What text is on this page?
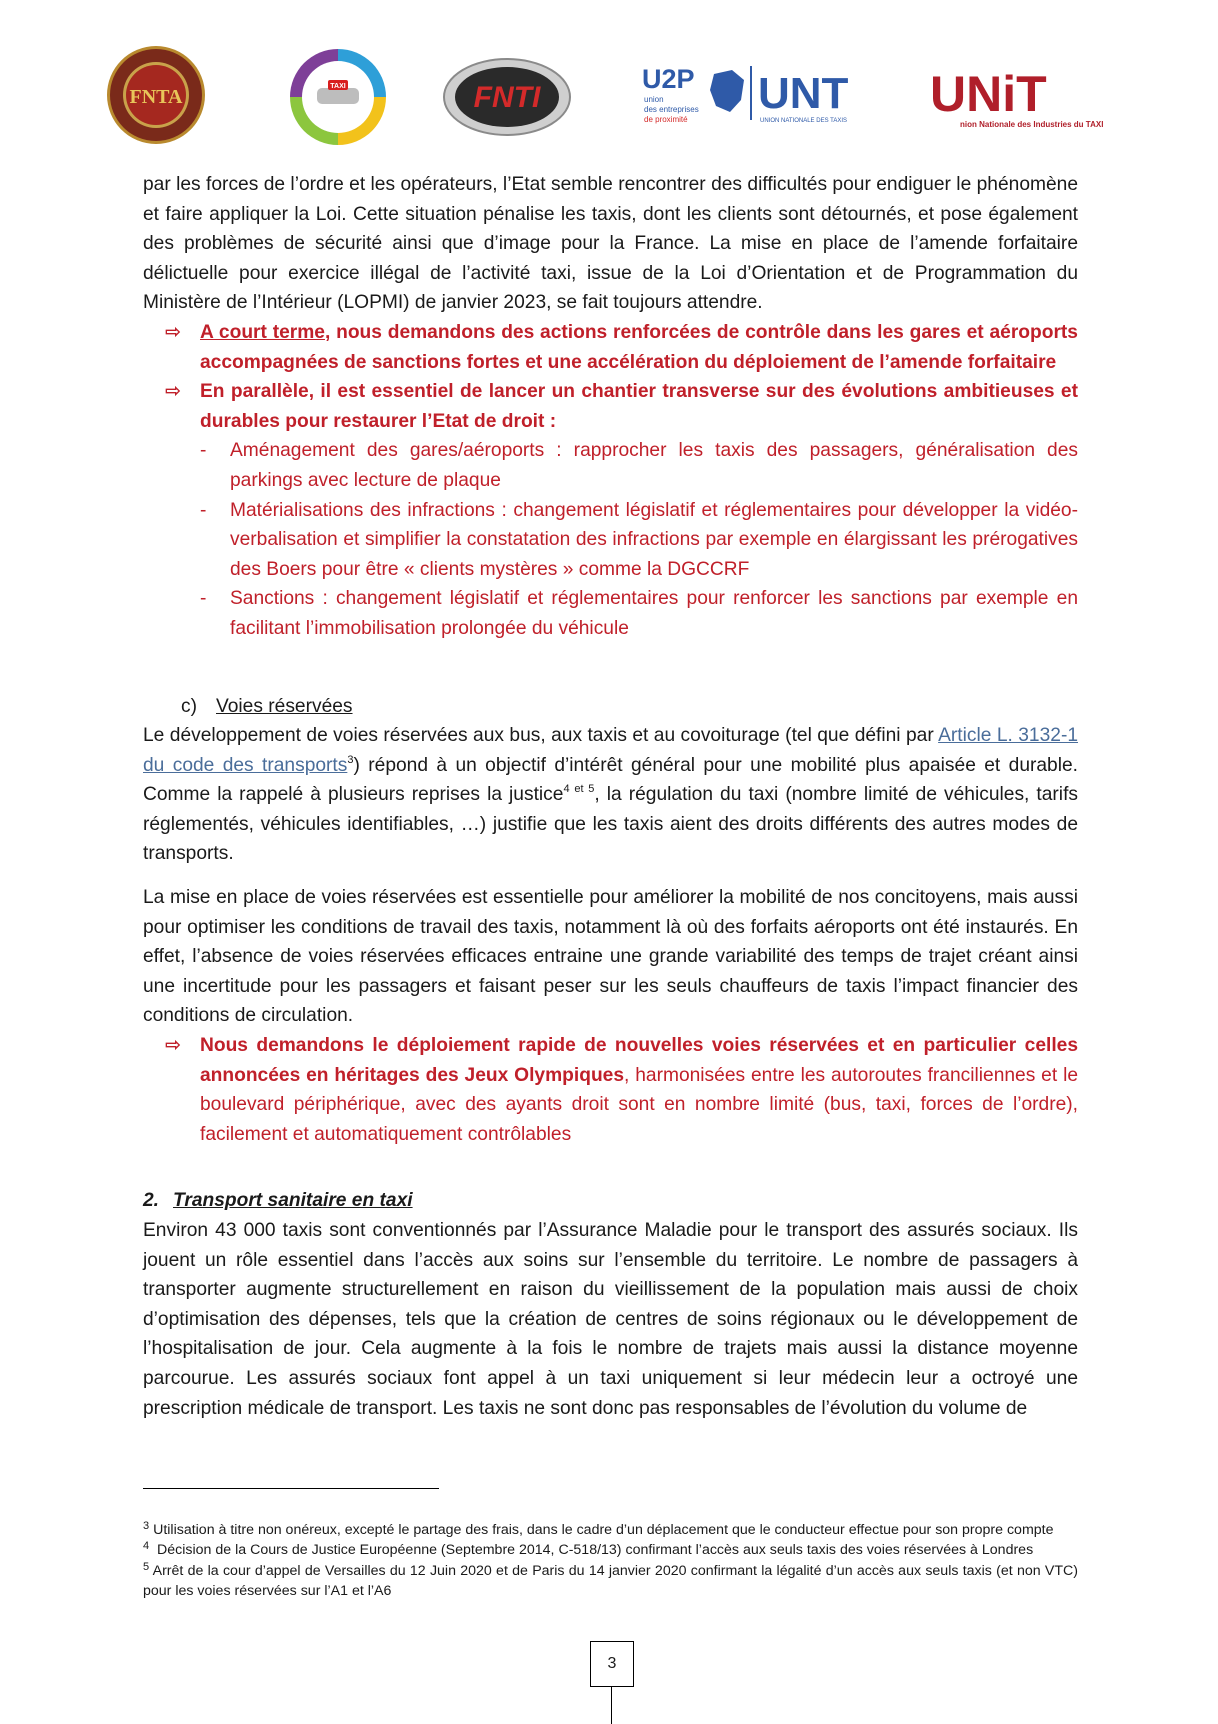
FNTA	TAXI	FNTI
U2P
union
des entreprises
de proximité
UNT
UNION NATIONALE DES TAXIS UNiT
nion Nationale des Industries du TAXI
par les forces de l’ordre et les opérateurs, l’Etat semble rencontrer des difficultés pour endiguer le phénomène et faire appliquer la Loi. Cette situation pénalise les taxis, dont les clients sont détournés, et pose également des problèmes de sécurité ainsi que d’image pour la France. La mise en place de l’amende forfaitaire délictuelle pour exercice illégal de l’activité taxi, issue de la Loi d’Orientation et de Programmation du Ministère de l’Intérieur (LOPMI) de janvier 2023, se fait toujours attendre.
⇨ A court terme, nous demandons des actions renforcées de contrôle dans les gares et aéroports accompagnées de sanctions fortes et une accélération du déploiement de l’amende forfaitaire
⇨ En parallèle, il est essentiel de lancer un chantier transverse sur des évolutions ambitieuses et durables pour restaurer l’Etat de droit :
- Aménagement des gares/aéroports : rapprocher les taxis des passagers, généralisation des parkings avec lecture de plaque
- Matérialisations des infractions : changement législatif et réglementaires pour développer la vidéo-verbalisation et simplifier la constatation des infractions par exemple en élargissant les prérogatives des Boers pour être « clients mystères » comme la DGCCRF
- Sanctions : changement législatif et réglementaires pour renforcer les sanctions par exemple en facilitant l’immobilisation prolongée du véhicule
c) Voies réservées
Le développement de voies réservées aux bus, aux taxis et au covoiturage (tel que défini par Article L. 3132-1 du code des transports$^3$) répond à un objectif d’intérêt général pour une mobilité plus apaisée et durable. Comme la rappelé à plusieurs reprises la justice$^{4 et 5}$, la régulation du taxi (nombre limité de véhicules, tarifs réglementés, véhicules identifiables, …) justifie que les taxis aient des droits différents des autres modes de transports.
La mise en place de voies réservées est essentielle pour améliorer la mobilité de nos concitoyens, mais aussi pour optimiser les conditions de travail des taxis, notamment là où des forfaits aéroports ont été instaurés. En effet, l’absence de voies réservées efficaces entraine une grande variabilité des temps de trajet créant ainsi une incertitude pour les passagers et faisant peser sur les seuls chauffeurs de taxis l’impact financier des conditions de circulation.
⇨ Nous demandons le déploiement rapide de nouvelles voies réservées et en particulier celles annoncées en héritages des Jeux Olympiques, harmonisées entre les autoroutes franciliennes et le boulevard périphérique, avec des ayants droit sont en nombre limité (bus, taxi, forces de l’ordre), facilement et automatiquement contrôlables
2. Transport sanitaire en taxi
Environ 43 000 taxis sont conventionnés par l’Assurance Maladie pour le transport des assurés sociaux. Ils jouent un rôle essentiel dans l’accès aux soins sur l’ensemble du territoire. Le nombre de passagers à transporter augmente structurellement en raison du vieillissement de la population mais aussi de choix d’optimisation des dépenses, tels que la création de centres de soins régionaux ou le développement de l’hospitalisation de jour. Cela augmente à la fois le nombre de trajets mais aussi la distance moyenne parcourue. Les assurés sociaux font appel à un taxi uniquement si leur médecin leur a octroyé une prescription médicale de transport. Les taxis ne sont donc pas responsables de l’évolution du volume de
$^3$ Utilisation à titre non onéreux, excepté le partage des frais, dans le cadre d’un déplacement que le conducteur effectue pour son propre compte
$^4$ Décision de la Cours de Justice Européenne (Septembre 2014, C-518/13) confirmant l’accès aux seuls taxis des voies réservées à Londres
$^5$ Arrêt de la cour d’appel de Versailles du 12 Juin 2020 et de Paris du 14 janvier 2020 confirmant la légalité d’un accès aux seuls taxis (et non VTC) pour les voies réservées sur l’A1 et l’A6
3
